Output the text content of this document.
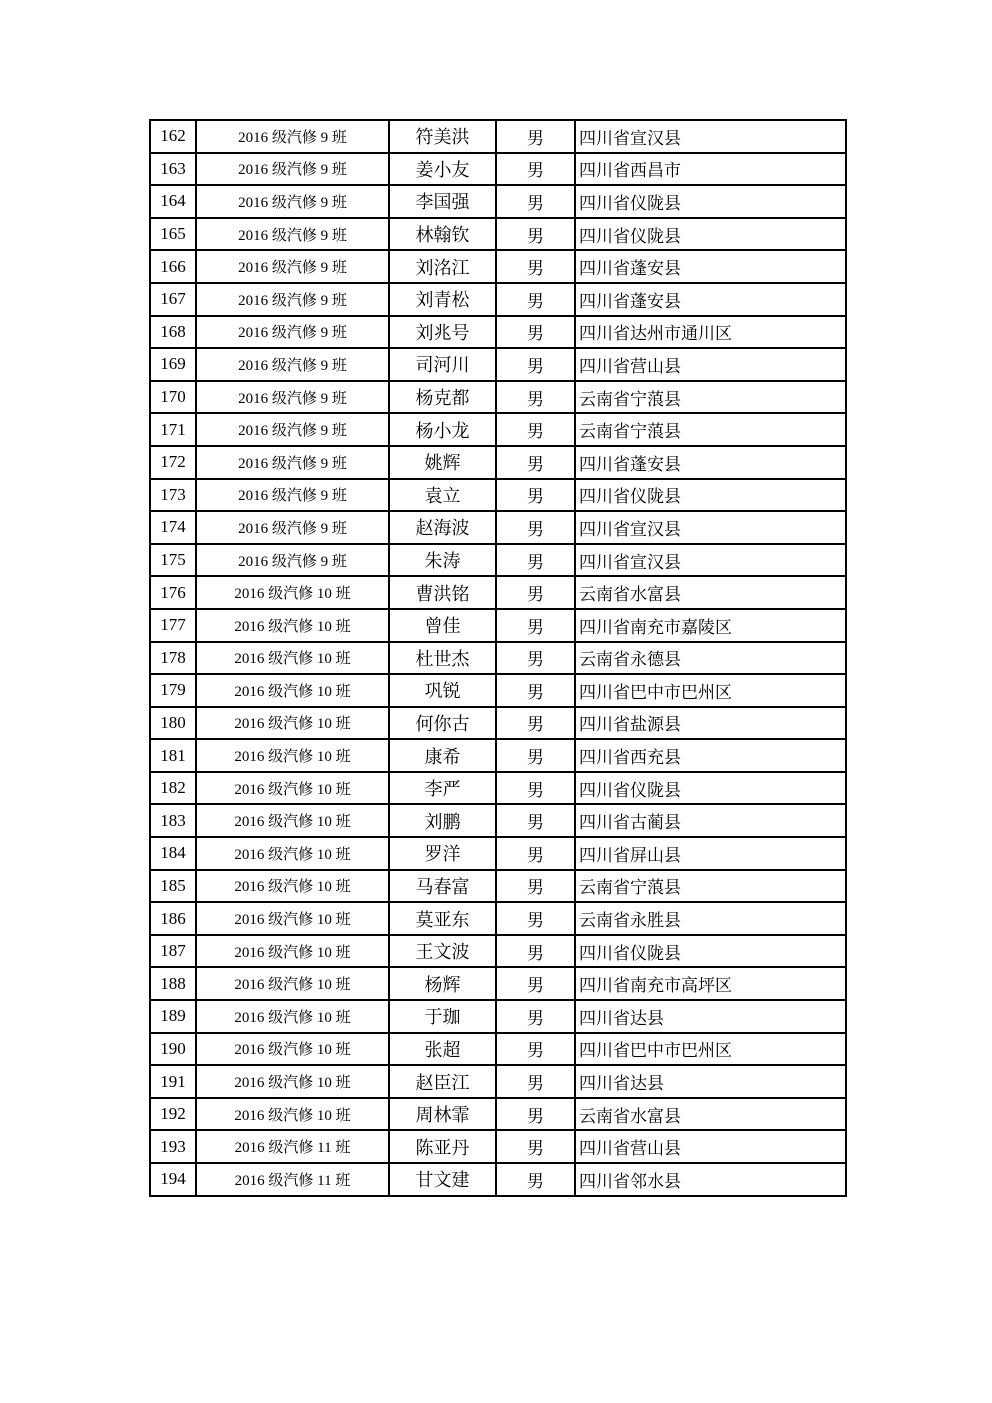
162	2016 级汽修 9 班	符美洪	男	四川省宣汉县
163	2016 级汽修 9 班	姜小友	男	四川省西昌市
164	2016 级汽修 9 班	李国强	男	四川省仪陇县
165	2016 级汽修 9 班	林翰钦	男	四川省仪陇县
166	2016 级汽修 9 班	刘洺江	男	四川省蓬安县
167	2016 级汽修 9 班	刘青松	男	四川省蓬安县
168	2016 级汽修 9 班	刘兆号	男	四川省达州市通川区
169	2016 级汽修 9 班	司河川	男	四川省营山县
170	2016 级汽修 9 班	杨克都	男	云南省宁蒗县
171	2016 级汽修 9 班	杨小龙	男	云南省宁蒗县
172	2016 级汽修 9 班	姚辉	男	四川省蓬安县
173	2016 级汽修 9 班	袁立	男	四川省仪陇县
174	2016 级汽修 9 班	赵海波	男	四川省宣汉县
175	2016 级汽修 9 班	朱涛	男	四川省宣汉县
176	2016 级汽修 10 班	曹洪铭	男	云南省水富县
177	2016 级汽修 10 班	曾佳	男	四川省南充市嘉陵区
178	2016 级汽修 10 班	杜世杰	男	云南省永德县
179	2016 级汽修 10 班	巩锐	男	四川省巴中市巴州区
180	2016 级汽修 10 班	何你古	男	四川省盐源县
181	2016 级汽修 10 班	康希	男	四川省西充县
182	2016 级汽修 10 班	李严	男	四川省仪陇县
183	2016 级汽修 10 班	刘鹏	男	四川省古蔺县
184	2016 级汽修 10 班	罗洋	男	四川省屏山县
185	2016 级汽修 10 班	马春富	男	云南省宁蒗县
186	2016 级汽修 10 班	莫亚东	男	云南省永胜县
187	2016 级汽修 10 班	王文波	男	四川省仪陇县
188	2016 级汽修 10 班	杨辉	男	四川省南充市高坪区
189	2016 级汽修 10 班	于珈	男	四川省达县
190	2016 级汽修 10 班	张超	男	四川省巴中市巴州区
191	2016 级汽修 10 班	赵臣江	男	四川省达县
192	2016 级汽修 10 班	周林霏	男	云南省水富县
193	2016 级汽修 11 班	陈亚丹	男	四川省营山县
194	2016 级汽修 11 班	甘文建	男	四川省邻水县
